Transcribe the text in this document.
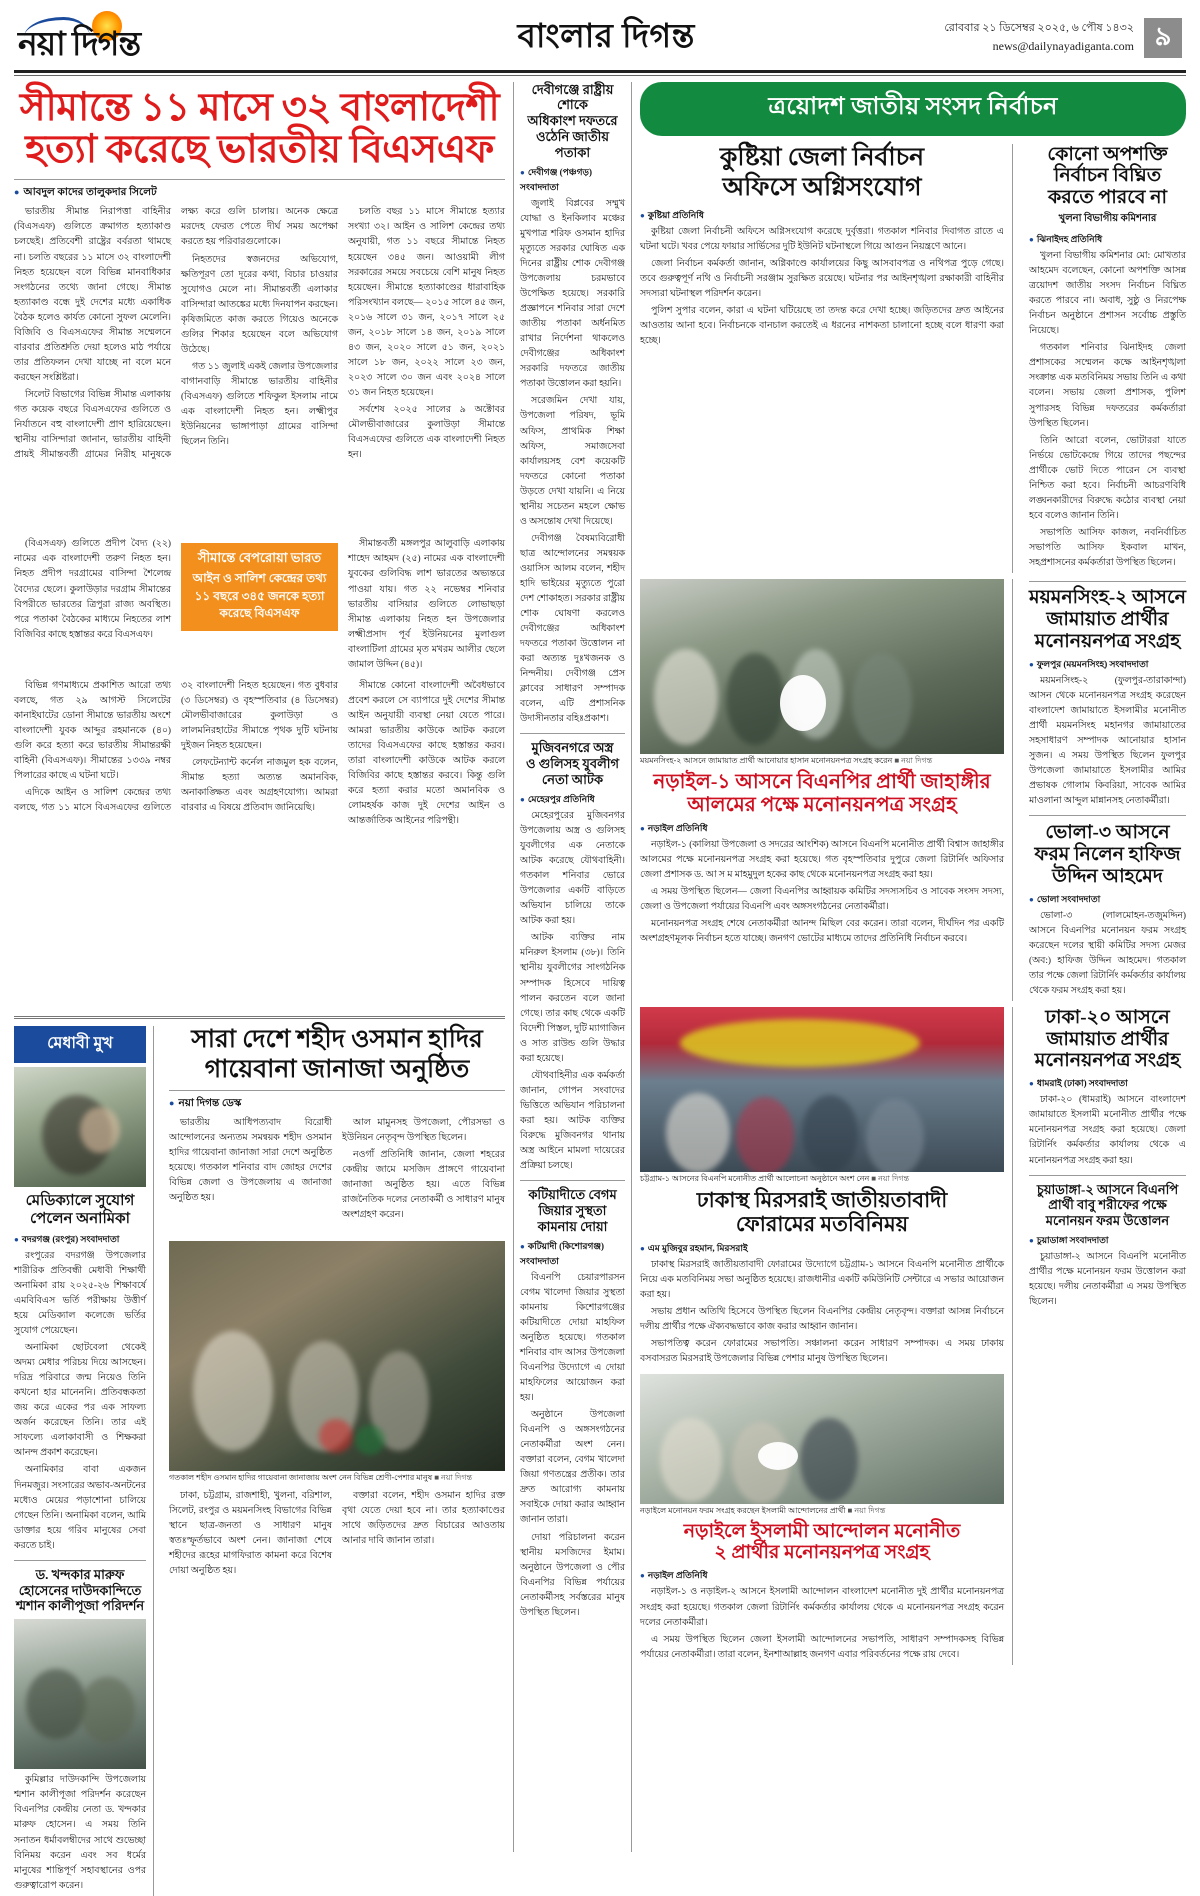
নয়া দিগন্ত	বাংলার দিগন্ত	রোববার ২১ ডিসেম্বর ২০২৫, ৬ পৌষ ১৪৩২
news@dailynayadiganta.com ৯
সীমান্তে ১১ মাসে ৩২ বাংলাদেশী
হত্যা করেছে ভারতীয় বিএসএফ
● আবদুল কাদের তালুকদার সিলেট

ভারতীয় সীমান্ত নিরাপত্তা বাহিনীর (বিএসএফ) গুলিতে ক্রমাগত হত্যাকাণ্ড চলছেই। প্রতিবেশী রাষ্ট্রের বর্বরতা থামছে না। চলতি বছরের ১১ মাসে ৩২ বাংলাদেশী নিহত হয়েছেন বলে বিভিন্ন মানবাধিকার সংগঠনের তথ্যে জানা গেছে। সীমান্ত হত্যাকাণ্ড বন্ধে দুই দেশের মধ্যে একাধিক বৈঠক হলেও কার্যত কোনো সুফল মেলেনি। বিজিবি ও বিএসএফের সীমান্ত সম্মেলনে বারবার প্রতিশ্রুতি দেয়া হলেও মাঠ পর্যায়ে তার প্রতিফলন দেখা যাচ্ছে না বলে মনে করছেন সংশ্লিষ্টরা।

সিলেট বিভাগের বিভিন্ন সীমান্ত এলাকায় গত কয়েক বছরে বিএসএফের গুলিতে ও নির্যাতনে বহু বাংলাদেশী প্রাণ হারিয়েছেন। স্থানীয় বাসিন্দারা জানান, ভারতীয় বাহিনী প্রায়ই সীমান্তবর্তী গ্রামের নিরীহ মানুষকে লক্ষ্য করে গুলি চালায়। অনেক ক্ষেত্রে মরদেহ ফেরত পেতে দীর্ঘ সময় অপেক্ষা করতে হয় পরিবারগুলোকে।

নিহতদের স্বজনদের অভিযোগ, ক্ষতিপূরণ তো দূরের কথা, বিচার চাওয়ার সুযোগও মেলে না। সীমান্তবর্তী এলাকার বাসিন্দারা আতঙ্কের মধ্যে দিনযাপন করছেন। কৃষিজমিতে কাজ করতে গিয়েও অনেকে গুলির শিকার হয়েছেন বলে অভিযোগ উঠেছে।

গত ১১ জুলাই একই জেলার উপজেলার বাগানবাড়ি সীমান্তে ভারতীয় বাহিনীর (বিএসএফ) গুলিতে শফিকুল ইসলাম নামে এক বাংলাদেশী নিহত হন। লক্ষ্মীপুর ইউনিয়নের ভাঙ্গাপাড়া গ্রামের বাসিন্দা ছিলেন তিনি।

চলতি বছর ১১ মাসে সীমান্তে হত্যার সংখ্যা ৩২। আইন ও সালিশ কেন্দ্রের তথ্য অনুযায়ী, গত ১১ বছরে সীমান্তে নিহত হয়েছেন ৩৪৫ জন। আওয়ামী লীগ সরকারের সময়ে সবচেয়ে বেশি মানুষ নিহত হয়েছেন। সীমান্তে হত্যাকাণ্ডের ধারাবাহিক পরিসংখ্যান বলছে— ২০১৫ সালে ৪৫ জন, ২০১৬ সালে ৩১ জন, ২০১৭ সালে ২৫ জন, ২০১৮ সালে ১৪ জন, ২০১৯ সালে ৪৩ জন, ২০২০ সালে ৫১ জন, ২০২১ সালে ১৮ জন, ২০২২ সালে ২৩ জন, ২০২৩ সালে ৩০ জন এবং ২০২৪ সালে ৩১ জন নিহত হয়েছেন।

সর্বশেষ ২০২৫ সালের ৯ অক্টোবর মৌলভীবাজারের কুলাউড়া সীমান্তে বিএসএফের গুলিতে এক বাংলাদেশী নিহত হন।

(বিএসএফ) গুলিতে প্রদীপ বৈদ্য (২২) নামের এক বাংলাদেশী তরুণ নিহত হন। নিহত প্রদীপ দরগ্রামের বাসিন্দা শৈলেন্দ্র বৈদ্যের ছেলে। কুলাউড়ার দরগ্রাম সীমান্তের বিপরীতে ভারতের ত্রিপুরা রাজ্য অবস্থিত। পরে পতাকা বৈঠকের মাধ্যমে নিহতের লাশ বিজিবির কাছে হস্তান্তর করে বিএসএফ।

সীমান্তে বেপরোয়া ভারত
আইন ও সালিশ কেন্দ্রের তথ্য ১১ বছরে ৩৪৫ জনকে হত্যা করেছে বিএসএফ

সীমান্তবর্তী মঙ্গলপুর আলুবাড়ি এলাকায় শাহেদ আহমদ (২৫) নামের এক বাংলাদেশী যুবকের গুলিবিদ্ধ লাশ ভারতের অভ্যন্তরে পাওয়া যায়। গত ২২ নভেম্বর শনিবার ভারতীয় বাসিয়ার গুলিতে লোভাছড়া সীমান্ত এলাকায় নিহত হন উপজেলার লক্ষ্মীপ্রসাদ পূর্ব ইউনিয়নের মুলাগুল বাংলাটিলা গ্রামের মৃত মখরম আলীর ছেলে জামাল উদ্দিন (৪৫)।

বিভিন্ন গণমাধ্যমে প্রকাশিত আরো তথ্য বলছে, গত ২৯ আগস্ট সিলেটের কানাইঘাটের ডোনা সীমান্তে ভারতীয় অংশে বাংলাদেশী যুবক আব্দুর রহমানকে (৪০) গুলি করে হত্যা করে ভারতীয় সীমান্তরক্ষী বাহিনী (বিএসএফ)। সীমান্তের ১৩৩৯ নম্বর পিলারের কাছে এ ঘটনা ঘটে।

এদিকে আইন ও সালিশ কেন্দ্রের তথ্য বলছে, গত ১১ মাসে বিএসএফের গুলিতে ৩২ বাংলাদেশী নিহত হয়েছেন। গত বুধবার (৩ ডিসেম্বর) ও বৃহস্পতিবার (৪ ডিসেম্বর) মৌলভীবাজারের কুলাউড়া ও লালমনিরহাটের সীমান্তে পৃথক দুটি ঘটনায় দুইজন নিহত হয়েছেন।

লেফটেন্যান্ট কর্নেল নাজমুল হক বলেন, সীমান্ত হত্যা অত্যন্ত অমানবিক, অনাকাঙ্ক্ষিত এবং অগ্রহণযোগ্য। আমরা বারবার এ বিষয়ে প্রতিবাদ জানিয়েছি।

সীমান্তে কোনো বাংলাদেশী অবৈধভাবে প্রবেশ করলে সে ব্যাপারে দুই দেশের সীমান্ত আইন অনুযায়ী ব্যবস্থা নেয়া যেতে পারে। আমরা ভারতীয় কাউকে আটক করলে তাদের বিএসএফের কাছে হস্তান্তর করব। তারা বাংলাদেশী কাউকে আটক করলে বিজিবির কাছে হস্তান্তর করবে। কিন্তু গুলি করে হত্যা করার মতো অমানবিক ও লোমহর্ষক কাজ দুই দেশের আইন ও আন্তর্জাতিক আইনের পরিপন্থী।

মেধাবী মুখ
মেডিক্যালে সুযোগ
পেলেন অনামিকা
● বদরগঞ্জ (রংপুর) সংবাদদাতা

রংপুরের বদরগঞ্জ উপজেলার শারীরিক প্রতিবন্ধী মেধাবী শিক্ষার্থী অনামিকা রায় ২০২৫-২৬ শিক্ষাবর্ষে এমবিবিএস ভর্তি পরীক্ষায় উত্তীর্ণ হয়ে মেডিক্যাল কলেজে ভর্তির সুযোগ পেয়েছেন।

অনামিকা ছোটবেলা থেকেই অদম্য মেধার পরিচয় দিয়ে আসছেন। দরিদ্র পরিবারে জন্ম নিয়েও তিনি কখনো হার মানেননি। প্রতিবন্ধকতা জয় করে একের পর এক সাফল্য অর্জন করেছেন তিনি। তার এই সাফল্যে এলাকাবাসী ও শিক্ষকরা আনন্দ প্রকাশ করেছেন।

অনামিকার বাবা একজন দিনমজুর। সংসারের অভাব-অনটনের মধ্যেও মেয়ের পড়াশোনা চালিয়ে গেছেন তিনি। অনামিকা বলেন, আমি ডাক্তার হয়ে গরিব মানুষের সেবা করতে চাই।

ড. খন্দকার মারুফ
হোসেনের দাউদকান্দিতে
শ্মশান কালীপূজা পরিদর্শন

কুমিল্লার দাউদকান্দি উপজেলায় শ্মশান কালীপূজা পরিদর্শন করেছেন বিএনপির কেন্দ্রীয় নেতা ড. খন্দকার মারুফ হোসেন। এ সময় তিনি সনাতন ধর্মাবলম্বীদের সাথে শুভেচ্ছা বিনিময় করেন এবং সব ধর্মের মানুষের শান্তিপূর্ণ সহাবস্থানের ওপর গুরুত্বারোপ করেন।

সারা দেশে শহীদ ওসমান হাদির
গায়েবানা জানাজা অনুষ্ঠিত
● নয়া দিগন্ত ডেস্ক

ভারতীয় আধিপত্যবাদ বিরোধী আন্দোলনের অন্যতম সমন্বয়ক শহীদ ওসমান হাদির গায়েবানা জানাজা সারা দেশে অনুষ্ঠিত হয়েছে। গতকাল শনিবার বাদ জোহর দেশের বিভিন্ন জেলা ও উপজেলায় এ জানাজা অনুষ্ঠিত হয়।

আল মামুনসহ উপজেলা, পৌরসভা ও ইউনিয়ন নেতৃবৃন্দ উপস্থিত ছিলেন।

নওগাঁ প্রতিনিধি জানান, জেলা শহরের কেন্দ্রীয় জামে মসজিদ প্রাঙ্গণে গায়েবানা জানাজা অনুষ্ঠিত হয়। এতে বিভিন্ন রাজনৈতিক দলের নেতাকর্মী ও সাধারণ মানুষ অংশগ্রহণ করেন।

গতকাল শহীদ ওসমান হাদির গায়েবানা জানাজায় অংশ নেন বিভিন্ন শ্রেণী-পেশার মানুষ ■ নয়া দিগন্ত

ঢাকা, চট্টগ্রাম, রাজশাহী, খুলনা, বরিশাল, সিলেট, রংপুর ও ময়মনসিংহ বিভাগের বিভিন্ন স্থানে ছাত্র-জনতা ও সাধারণ মানুষ স্বতঃস্ফূর্তভাবে অংশ নেন। জানাজা শেষে শহীদের রূহের মাগফিরাত কামনা করে বিশেষ দোয়া অনুষ্ঠিত হয়।

বক্তারা বলেন, শহীদ ওসমান হাদির রক্ত বৃথা যেতে দেয়া হবে না। তার হত্যাকাণ্ডের সাথে জড়িতদের দ্রুত বিচারের আওতায় আনার দাবি জানান তারা।

দেবীগঞ্জে রাষ্ট্রীয় শোকে
অধিকাংশ দফতরে
ওঠেনি জাতীয় পতাকা
● দেবীগঞ্জ (পঞ্চগড়) সংবাদদাতা

জুলাই বিপ্লবের সম্মুখ যোদ্ধা ও ইনকিলাব মঞ্চের মুখপাত্র শরিফ ওসমান হাদির মৃত্যুতে সরকার ঘোষিত এক দিনের রাষ্ট্রীয় শোক দেবীগঞ্জ উপজেলায় চরমভাবে উপেক্ষিত হয়েছে। সরকারি প্রজ্ঞাপনে শনিবার সারা দেশে জাতীয় পতাকা অর্ধনমিত রাখার নির্দেশনা থাকলেও দেবীগঞ্জের অধিকাংশ সরকারি দফতরে জাতীয় পতাকা উত্তোলন করা হয়নি।

সরেজমিন দেখা যায়, উপজেলা পরিষদ, ভূমি অফিস, প্রাথমিক শিক্ষা অফিস, সমাজসেবা কার্যালয়সহ বেশ কয়েকটি দফতরে কোনো পতাকা উড়তে দেখা যায়নি। এ নিয়ে স্থানীয় সচেতন মহলে ক্ষোভ ও অসন্তোষ দেখা দিয়েছে।

দেবীগঞ্জ বৈষম্যবিরোধী ছাত্র আন্দোলনের সমন্বয়ক ওয়াসিস আলম বলেন, শহীদ হাদি ভাইয়ের মৃত্যুতে পুরো দেশ শোকাহত। সরকার রাষ্ট্রীয় শোক ঘোষণা করলেও দেবীগঞ্জের অধিকাংশ দফতরে পতাকা উত্তোলন না করা অত্যন্ত দুঃখজনক ও নিন্দনীয়। দেবীগঞ্জ প্রেস ক্লাবের সাধারণ সম্পাদক বলেন, এটি প্রশাসনিক উদাসীনতার বহিঃপ্রকাশ।

মুজিবনগরে অস্ত্র
ও গুলিসহ যুবলীগ
নেতা আটক
● মেহেরপুর প্রতিনিধি

মেহেরপুরের মুজিবনগর উপজেলায় অস্ত্র ও গুলিসহ যুবলীগের এক নেতাকে আটক করেছে যৌথবাহিনী। গতকাল শনিবার ভোরে উপজেলার একটি বাড়িতে অভিযান চালিয়ে তাকে আটক করা হয়।

আটক ব্যক্তির নাম মনিরুল ইসলাম (৩৮)। তিনি স্থানীয় যুবলীগের সাংগঠনিক সম্পাদক হিসেবে দায়িত্ব পালন করতেন বলে জানা গেছে। তার কাছ থেকে একটি বিদেশী পিস্তল, দুটি ম্যাগাজিন ও সাত রাউন্ড গুলি উদ্ধার করা হয়েছে।

যৌথবাহিনীর এক কর্মকর্তা জানান, গোপন সংবাদের ভিত্তিতে অভিযান পরিচালনা করা হয়। আটক ব্যক্তির বিরুদ্ধে মুজিবনগর থানায় অস্ত্র আইনে মামলা দায়েরের প্রক্রিয়া চলছে।

কটিয়াদীতে বেগম
জিয়ার সুস্থতা
কামনায় দোয়া
● কটিয়াদী (কিশোরগঞ্জ) সংবাদদাতা

বিএনপি চেয়ারপারসন বেগম খালেদা জিয়ার সুস্থতা কামনায় কিশোরগঞ্জের কটিয়াদীতে দোয়া মাহফিল অনুষ্ঠিত হয়েছে। গতকাল শনিবার বাদ আসর উপজেলা বিএনপির উদ্যোগে এ দোয়া মাহফিলের আয়োজন করা হয়।

অনুষ্ঠানে উপজেলা বিএনপি ও অঙ্গসংগঠনের নেতাকর্মীরা অংশ নেন। বক্তারা বলেন, বেগম খালেদা জিয়া গণতন্ত্রের প্রতীক। তার দ্রুত আরোগ্য কামনায় সবাইকে দোয়া করার আহ্বান জানান তারা।

দোয়া পরিচালনা করেন স্থানীয় মসজিদের ইমাম। অনুষ্ঠানে উপজেলা ও পৌর বিএনপির বিভিন্ন পর্যায়ের নেতাকর্মীসহ সর্বস্তরের মানুষ উপস্থিত ছিলেন।

ত্রয়োদশ জাতীয় সংসদ নির্বাচন
কুষ্টিয়া জেলা নির্বাচন
অফিসে অগ্নিসংযোগ
● কুষ্টিয়া প্রতিনিধি

কুষ্টিয়া জেলা নির্বাচনী অফিসে অগ্নিসংযোগ করেছে দুর্বৃত্তরা। গতকাল শনিবার দিবাগত রাতে এ ঘটনা ঘটে। খবর পেয়ে ফায়ার সার্ভিসের দুটি ইউনিট ঘটনাস্থলে গিয়ে আগুন নিয়ন্ত্রণে আনে।

জেলা নির্বাচন কর্মকর্তা জানান, অগ্নিকাণ্ডে কার্যালয়ের কিছু আসবাবপত্র ও নথিপত্র পুড়ে গেছে। তবে গুরুত্বপূর্ণ নথি ও নির্বাচনী সরঞ্জাম সুরক্ষিত রয়েছে। ঘটনার পর আইনশৃঙ্খলা রক্ষাকারী বাহিনীর সদস্যরা ঘটনাস্থল পরিদর্শন করেন।

পুলিশ সুপার বলেন, কারা এ ঘটনা ঘটিয়েছে তা তদন্ত করে দেখা হচ্ছে। জড়িতদের দ্রুত আইনের আওতায় আনা হবে। নির্বাচনকে বানচাল করতেই এ ধরনের নাশকতা চালানো হচ্ছে বলে ধারণা করা হচ্ছে।

কোনো অপশক্তি
নির্বাচন বিঘ্নিত
করতে পারবে না
খুলনা বিভাগীয় কমিশনার
● ঝিনাইদহ প্রতিনিধি

খুলনা বিভাগীয় কমিশনার মো: মোখতার আহমেদ বলেছেন, কোনো অপশক্তি আসন্ন ত্রয়োদশ জাতীয় সংসদ নির্বাচন বিঘ্নিত করতে পারবে না। অবাধ, সুষ্ঠু ও নিরপেক্ষ নির্বাচন অনুষ্ঠানে প্রশাসন সর্বোচ্চ প্রস্তুতি নিয়েছে।

গতকাল শনিবার ঝিনাইদহ জেলা প্রশাসকের সম্মেলন কক্ষে আইনশৃঙ্খলা সংক্রান্ত এক মতবিনিময় সভায় তিনি এ কথা বলেন। সভায় জেলা প্রশাসক, পুলিশ সুপারসহ বিভিন্ন দফতরের কর্মকর্তারা উপস্থিত ছিলেন।

তিনি আরো বলেন, ভোটাররা যাতে নির্ভয়ে ভোটকেন্দ্রে গিয়ে তাদের পছন্দের প্রার্থীকে ভোট দিতে পারেন সে ব্যবস্থা নিশ্চিত করা হবে। নির্বাচনী আচরণবিধি লঙ্ঘনকারীদের বিরুদ্ধে কঠোর ব্যবস্থা নেয়া হবে বলেও জানান তিনি।

সভাপতি আসিফ কাজল, নবনির্বাচিত সভাপতি আসিফ ইকবাল মাখন, সহপ্রশাসনের কর্মকর্তারা উপস্থিত ছিলেন।

ময়মনসিংহ-২ আসনে জামায়াত প্রার্থী আনোয়ার হাসান মনোনয়নপত্র সংগ্রহ করেন ■ নয়া দিগন্ত
নড়াইল-১ আসনে বিএনপির প্রার্থী জাহাঙ্গীর
আলমের পক্ষে মনোনয়নপত্র সংগ্রহ
● নড়াইল প্রতিনিধি

নড়াইল-১ (কালিয়া উপজেলা ও সদরের আংশিক) আসনে বিএনপি মনোনীত প্রার্থী বিশ্বাস জাহাঙ্গীর আলমের পক্ষে মনোনয়নপত্র সংগ্রহ করা হয়েছে। গত বৃহস্পতিবার দুপুরে জেলা রিটার্নিং অফিসার জেলা প্রশাসক ড. আ স ম মাহমুদুল হকের কাছ থেকে মনোনয়নপত্র সংগ্রহ করা হয়।

এ সময় উপস্থিত ছিলেন— জেলা বিএনপির আহ্বায়ক কমিটির সদস্যসচিব ও সাবেক সংসদ সদস্য, জেলা ও উপজেলা পর্যায়ের বিএনপি এবং অঙ্গসংগঠনের নেতাকর্মীরা।

মনোনয়নপত্র সংগ্রহ শেষে নেতাকর্মীরা আনন্দ মিছিল বের করেন। তারা বলেন, দীর্ঘদিন পর একটি অংশগ্রহণমূলক নির্বাচন হতে যাচ্ছে। জনগণ ভোটের মাধ্যমে তাদের প্রতিনিধি নির্বাচন করবে।

ময়মনসিংহ-২ আসনে
জামায়াত প্রার্থীর
মনোনয়নপত্র সংগ্রহ
● ফুলপুর (ময়মনসিংহ) সংবাদদাতা

ময়মনসিংহ-২ (ফুলপুর-তারাকান্দা) আসন থেকে মনোনয়নপত্র সংগ্রহ করেছেন বাংলাদেশ জামায়াতে ইসলামীর মনোনীত প্রার্থী ময়মনসিংহ মহানগর জামায়াতের সহসাধারণ সম্পাদক আনোয়ার হাসান সুজন। এ সময় উপস্থিত ছিলেন ফুলপুর উপজেলা জামায়াতে ইসলামীর আমির প্রভাষক গোলাম কিবরিয়া, সাবেক আমির মাওলানা আব্দুল মান্নানসহ নেতাকর্মীরা।

ভোলা-৩ আসনে
ফরম নিলেন হাফিজ
উদ্দিন আহমেদ
● ভোলা সংবাদদাতা

ভোলা-৩ (লালমোহন-তজুমদ্দিন) আসনে বিএনপির মনোনয়ন ফরম সংগ্রহ করেছেন দলের স্থায়ী কমিটির সদস্য মেজর (অব:) হাফিজ উদ্দিন আহমেদ। গতকাল তার পক্ষে জেলা রিটার্নিং কর্মকর্তার কার্যালয় থেকে ফরম সংগ্রহ করা হয়।

চট্টগ্রাম-১ আসনের বিএনপি মনোনীত প্রার্থী আলোচনা অনুষ্ঠানে অংশ নেন ■ নয়া দিগন্ত
ঢাকাস্থ মিরসরাই জাতীয়তাবাদী
ফোরামের মতবিনিময়
● এম মুজিবুর রহমান, মিরসরাই

ঢাকাস্থ মিরসরাই জাতীয়তাবাদী ফোরামের উদ্যোগে চট্টগ্রাম-১ আসনে বিএনপি মনোনীত প্রার্থীকে নিয়ে এক মতবিনিময় সভা অনুষ্ঠিত হয়েছে। রাজধানীর একটি কমিউনিটি সেন্টারে এ সভার আয়োজন করা হয়।

সভায় প্রধান অতিথি হিসেবে উপস্থিত ছিলেন বিএনপির কেন্দ্রীয় নেতৃবৃন্দ। বক্তারা আসন্ন নির্বাচনে দলীয় প্রার্থীর পক্ষে ঐক্যবদ্ধভাবে কাজ করার আহ্বান জানান।

সভাপতিত্ব করেন ফোরামের সভাপতি। সঞ্চালনা করেন সাধারণ সম্পাদক। এ সময় ঢাকায় বসবাসরত মিরসরাই উপজেলার বিভিন্ন পেশার মানুষ উপস্থিত ছিলেন।

নড়াইলে মনোনয়ন ফরম সংগ্রহ করছেন ইসলামী আন্দোলনের প্রার্থী ■ নয়া দিগন্ত
নড়াইলে ইসলামী আন্দোলন মনোনীত
২ প্রার্থীর মনোনয়নপত্র সংগ্রহ
● নড়াইল প্রতিনিধি

নড়াইল-১ ও নড়াইল-২ আসনে ইসলামী আন্দোলন বাংলাদেশ মনোনীত দুই প্রার্থীর মনোনয়নপত্র সংগ্রহ করা হয়েছে। গতকাল জেলা রিটার্নিং কর্মকর্তার কার্যালয় থেকে এ মনোনয়নপত্র সংগ্রহ করেন দলের নেতাকর্মীরা।

এ সময় উপস্থিত ছিলেন জেলা ইসলামী আন্দোলনের সভাপতি, সাধারণ সম্পাদকসহ বিভিন্ন পর্যায়ের নেতাকর্মীরা। তারা বলেন, ইনশাআল্লাহ জনগণ এবার পরিবর্তনের পক্ষে রায় দেবে।

ঢাকা-২০ আসনে
জামায়াত প্রার্থীর
মনোনয়নপত্র সংগ্রহ
● ধামরাই (ঢাকা) সংবাদদাতা

ঢাকা-২০ (ধামরাই) আসনে বাংলাদেশ জামায়াতে ইসলামী মনোনীত প্রার্থীর পক্ষে মনোনয়নপত্র সংগ্রহ করা হয়েছে। জেলা রিটার্নিং কর্মকর্তার কার্যালয় থেকে এ মনোনয়নপত্র সংগ্রহ করা হয়।

চুয়াডাঙ্গা-২ আসনে বিএনপি
প্রার্থী বাবু শরীফের পক্ষে
মনোনয়ন ফরম উত্তোলন
● চুয়াডাঙ্গা সংবাদদাতা

চুয়াডাঙ্গা-২ আসনে বিএনপি মনোনীত প্রার্থীর পক্ষে মনোনয়ন ফরম উত্তোলন করা হয়েছে। দলীয় নেতাকর্মীরা এ সময় উপস্থিত ছিলেন।
